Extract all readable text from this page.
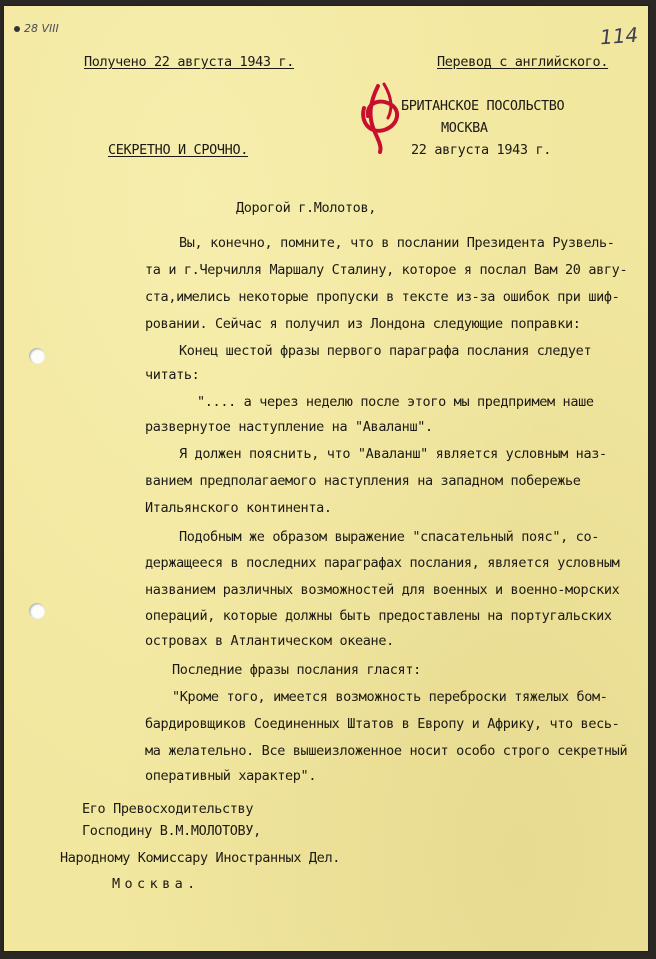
28 VIII	114
Получено 22 августа 1943 г.	Перевод с английского.
БРИТАНСКОЕ ПОСОЛЬСТВО
МОСКВА
22 августа 1943 г.
СЕКРЕТНО И СРОЧНО.
Дорогой г.Молотов,
Вы, конечно, помните, что в послании Президента Рузвель-
та и г.Черчилля Маршалу Сталину, которое я послал Вам 20 авгу-
ста,имелись некоторые пропуски в тексте из-за ошибок при шиф-
ровании. Сейчас я получил из Лондона следующие поправки:
Конец шестой фразы первого параграфа послания следует
читать:
".... а через неделю после этого мы предпримем наше
развернутое наступление на "Аваланш".
Я должен пояснить, что "Аваланш" является условным наз-
ванием предполагаемого наступления на западном побережье
Итальянского континента.
Подобным же образом выражение "спасательный пояс", со-
держащееся в последних параграфах послания, является условным
названием различных возможностей для военных и военно-морских
операций, которые должны быть предоставлены на португальских
островах в Атлантическом океане.
Последние фразы послания гласят:
"Кроме того, имеется возможность переброски тяжелых бом-
бардировщиков Соединенных Штатов в Европу и Африку, что весь-
ма желательно. Все вышеизложенное носит особо строго секретный
оперативный характер".
Его Превосходительству
Господину В.М.МОЛОТОВУ,
Народному Комиссару Иностранных Дел.
Москва.
